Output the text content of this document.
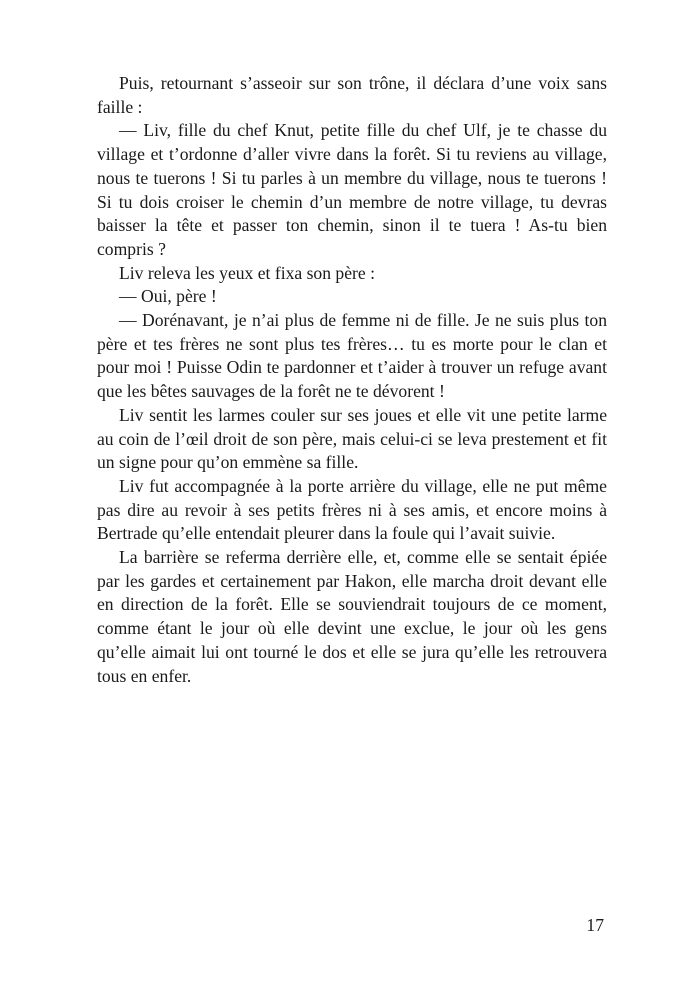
Puis, retournant s’asseoir sur son trône, il déclara d’une voix sans faille :

— Liv, fille du chef Knut, petite fille du chef Ulf, je te chasse du village et t’ordonne d’aller vivre dans la forêt. Si tu reviens au village, nous te tuerons ! Si tu parles à un membre du village, nous te tuerons ! Si tu dois croiser le chemin d’un membre de notre village, tu devras baisser la tête et passer ton chemin, sinon il te tuera ! As-tu bien compris ?

Liv releva les yeux et fixa son père :

— Oui, père !

— Dorénavant, je n’ai plus de femme ni de fille. Je ne suis plus ton père et tes frères ne sont plus tes frères… tu es morte pour le clan et pour moi ! Puisse Odin te pardonner et t’aider à trouver un refuge avant que les bêtes sauvages de la forêt ne te dévorent !

Liv sentit les larmes couler sur ses joues et elle vit une petite larme au coin de l’œil droit de son père, mais celui-ci se leva prestement et fit un signe pour qu’on emmène sa fille.

Liv fut accompagnée à la porte arrière du village, elle ne put même pas dire au revoir à ses petits frères ni à ses amis, et encore moins à Bertrade qu’elle entendait pleurer dans la foule qui l’avait suivie.

La barrière se referma derrière elle, et, comme elle se sentait épiée par les gardes et certainement par Hakon, elle marcha droit devant elle en direction de la forêt. Elle se souviendrait toujours de ce moment, comme étant le jour où elle devint une exclue, le jour où les gens qu’elle aimait lui ont tourné le dos et elle se jura qu’elle les retrouvera tous en enfer.

17
